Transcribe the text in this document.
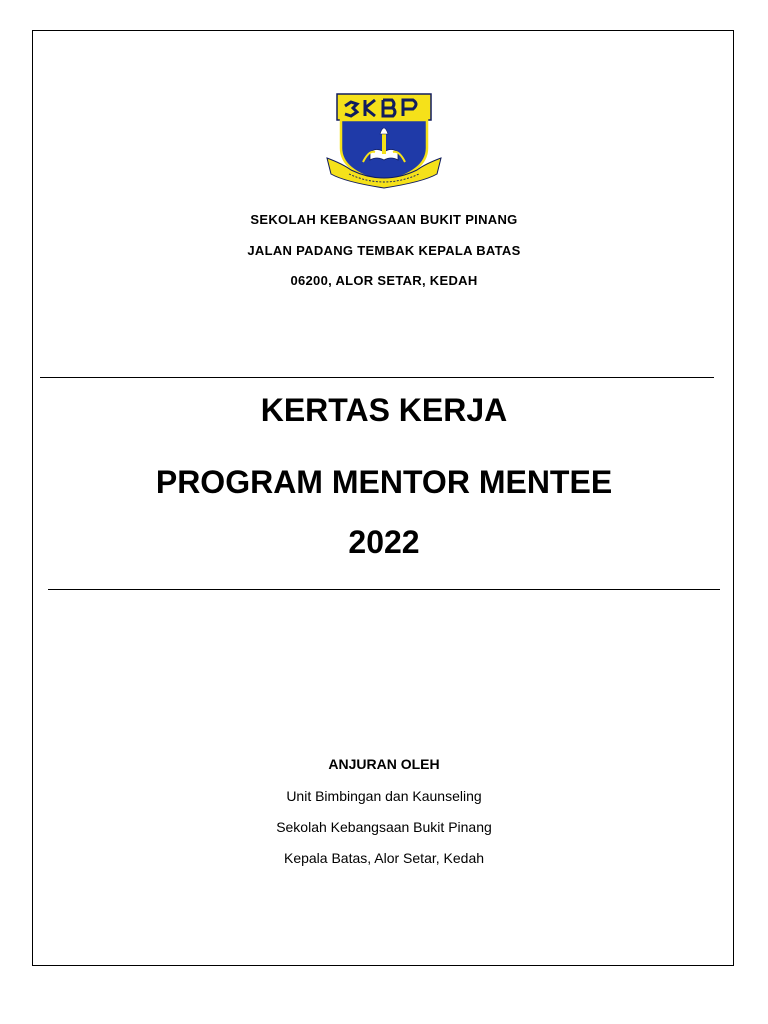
SEKOLAH KEBANGSAAN BUKIT PINANG
JALAN PADANG TEMBAK KEPALA BATAS
06200, ALOR SETAR, KEDAH
KERTAS KERJA
PROGRAM MENTOR MENTEE
2022
ANJURAN OLEH
Unit Bimbingan dan Kaunseling
Sekolah Kebangsaan Bukit Pinang
Kepala Batas, Alor Setar, Kedah
